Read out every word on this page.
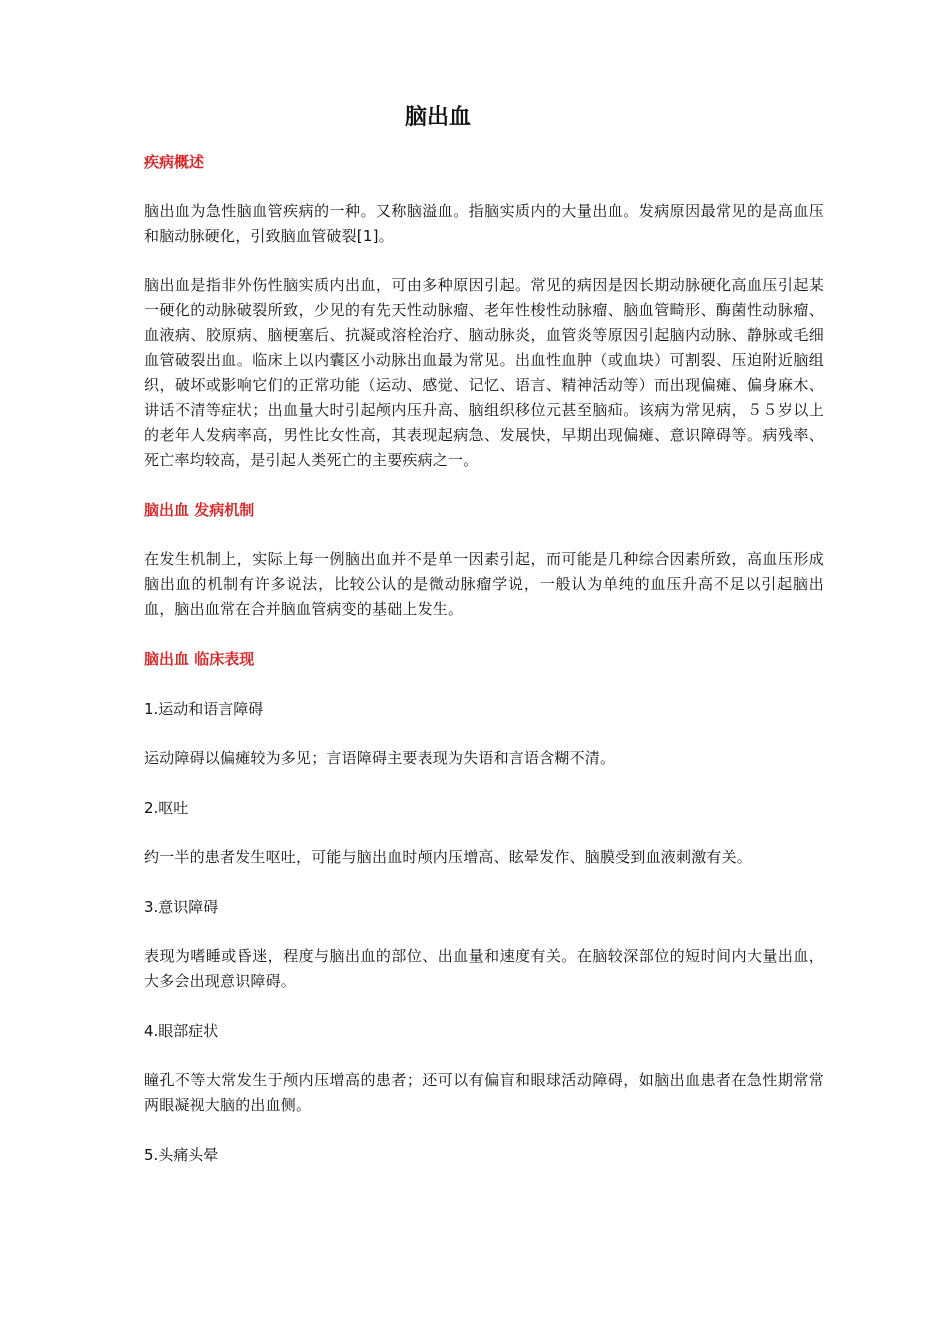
脑出血
疾病概述

脑出血为急性脑血管疾病的一种。又称脑溢血。指脑实质内的大量出血。发病原因最常见的是高血压和脑动脉硬化，引致脑血管破裂[1]。

脑出血是指非外伤性脑实质内出血，可由多种原因引起。常见的病因是因长期动脉硬化高血压引起某一硬化的动脉破裂所致，少见的有先天性动脉瘤、老年性梭性动脉瘤、脑血管畸形、酶菌性动脉瘤、血液病、胶原病、脑梗塞后、抗凝或溶栓治疗、脑动脉炎，血管炎等原因引起脑内动脉、静脉或毛细血管破裂出血。临床上以内囊区小动脉出血最为常见。出血性血肿（或血块）可割裂、压迫附近脑组织，破坏或影响它们的正常功能（运动、感觉、记忆、语言、精神活动等）而出现偏瘫、偏身麻木、讲话不清等症状；出血量大时引起颅内压升高、脑组织移位元甚至脑疝。该病为常见病，５５岁以上的老年人发病率高，男性比女性高，其表现起病急、发展快，早期出现偏瘫、意识障碍等。病残率、死亡率均较高，是引起人类死亡的主要疾病之一。

脑出血 发病机制

在发生机制上，实际上每一例脑出血并不是单一因素引起，而可能是几种综合因素所致，高血压形成脑出血的机制有许多说法，比较公认的是微动脉瘤学说，一般认为单纯的血压升高不足以引起脑出血，脑出血常在合并脑血管病变的基础上发生。

脑出血 临床表现
1.运动和语言障碍

运动障碍以偏瘫较为多见；言语障碍主要表现为失语和言语含糊不清。

2.呕吐

约一半的患者发生呕吐，可能与脑出血时颅内压增高、眩晕发作、脑膜受到血液刺激有关。

3.意识障碍

表现为嗜睡或昏迷，程度与脑出血的部位、出血量和速度有关。在脑较深部位的短时间内大量出血，大多会出现意识障碍。

4.眼部症状

瞳孔不等大常发生于颅内压增高的患者；还可以有偏盲和眼球活动障碍，如脑出血患者在急性期常常两眼凝视大脑的出血侧。

5.头痛头晕
